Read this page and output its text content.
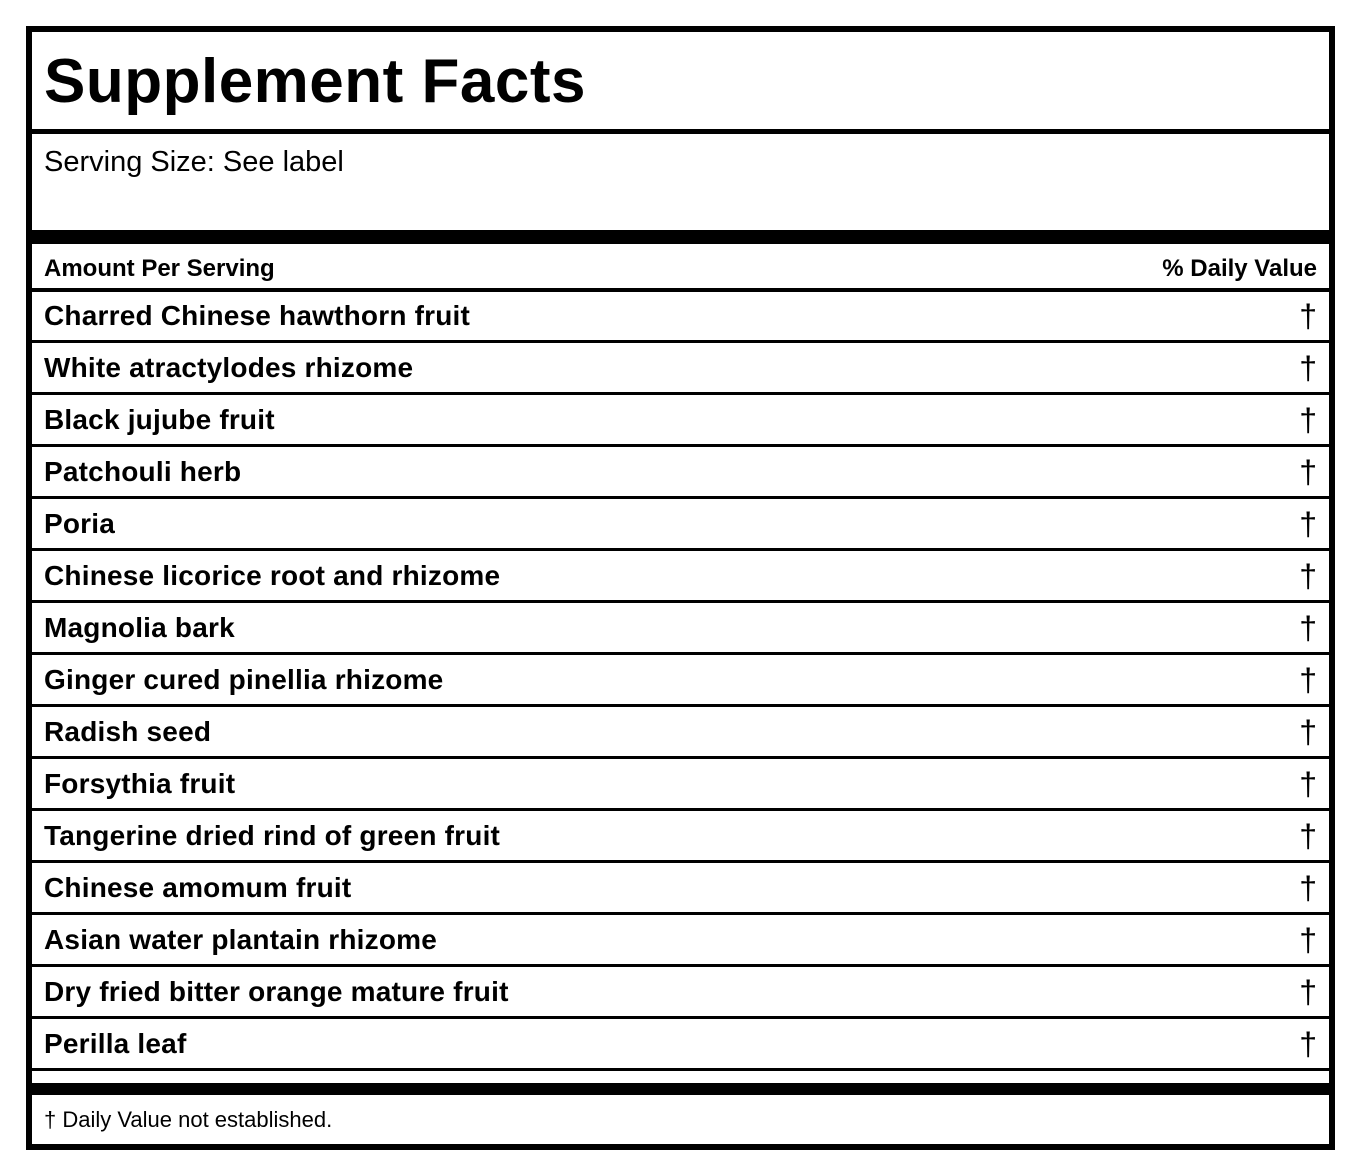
Supplement Facts
Serving Size: See label
Amount Per Serving	% Daily Value
Charred Chinese hawthorn fruit	†
White atractylodes rhizome	†
Black jujube fruit	†
Patchouli herb	†
Poria	†
Chinese licorice root and rhizome	†
Magnolia bark	†
Ginger cured pinellia rhizome	†
Radish seed	†
Forsythia fruit	†
Tangerine dried rind of green fruit	†
Chinese amomum fruit	†
Asian water plantain rhizome	†
Dry fried bitter orange mature fruit	†
Perilla leaf	†
† Daily Value not established.
